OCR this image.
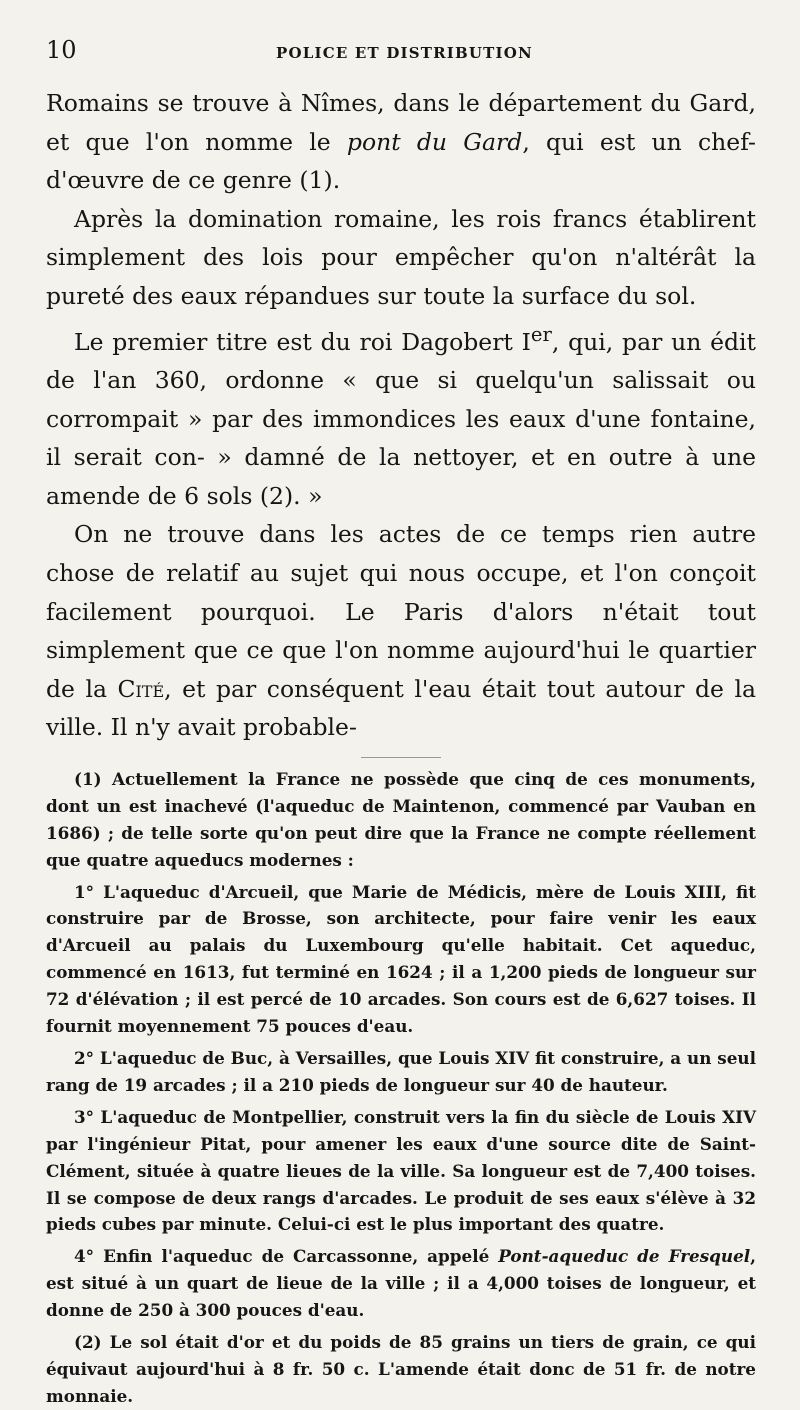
10	POLICE ET DISTRIBUTION

Romains se trouve à Nîmes, dans le département du Gard, et que l'on nomme le pont du Gard, qui est un chef-d'œuvre de ce genre (1).

Après la domination romaine, les rois francs établirent simplement des lois pour empêcher qu'on n'altérât la pureté des eaux répandues sur toute la surface du sol.

Le premier titre est du roi Dagobert Ier, qui, par un édit de l'an 360, ordonne « que si quelqu'un salissait ou corrompait » par des immondices les eaux d'une fontaine, il serait con- » damné de la nettoyer, et en outre à une amende de 6 sols (2). »

On ne trouve dans les actes de ce temps rien autre chose de relatif au sujet qui nous occupe, et l'on conçoit facilement pourquoi. Le Paris d'alors n'était tout simplement que ce que l'on nomme aujourd'hui le quartier de la Cité, et par conséquent l'eau était tout autour de la ville. Il n'y avait probable-

(1) Actuellement la France ne possède que cinq de ces monuments, dont un est inachevé (l'aqueduc de Maintenon, commencé par Vauban en 1686) ; de telle sorte qu'on peut dire que la France ne compte réellement que quatre aqueducs modernes :

1° L'aqueduc d'Arcueil, que Marie de Médicis, mère de Louis XIII, fit construire par de Brosse, son architecte, pour faire venir les eaux d'Arcueil au palais du Luxembourg qu'elle habitait. Cet aqueduc, commencé en 1613, fut terminé en 1624 ; il a 1,200 pieds de longueur sur 72 d'élévation ; il est percé de 10 arcades. Son cours est de 6,627 toises. Il fournit moyennement 75 pouces d'eau.

2° L'aqueduc de Buc, à Versailles, que Louis XIV fit construire, a un seul rang de 19 arcades ; il a 210 pieds de longueur sur 40 de hauteur.

3° L'aqueduc de Montpellier, construit vers la fin du siècle de Louis XIV par l'ingénieur Pitat, pour amener les eaux d'une source dite de Saint-Clément, située à quatre lieues de la ville. Sa longueur est de 7,400 toises. Il se compose de deux rangs d'arcades. Le produit de ses eaux s'élève à 32 pieds cubes par minute. Celui-ci est le plus important des quatre.

4° Enfin l'aqueduc de Carcassonne, appelé Pont-aqueduc de Fresquel, est situé à un quart de lieue de la ville ; il a 4,000 toises de longueur, et donne de 250 à 300 pouces d'eau.

(2) Le sol était d'or et du poids de 85 grains un tiers de grain, ce qui équivaut aujourd'hui à 8 fr. 50 c. L'amende était donc de 51 fr. de notre monnaie.
